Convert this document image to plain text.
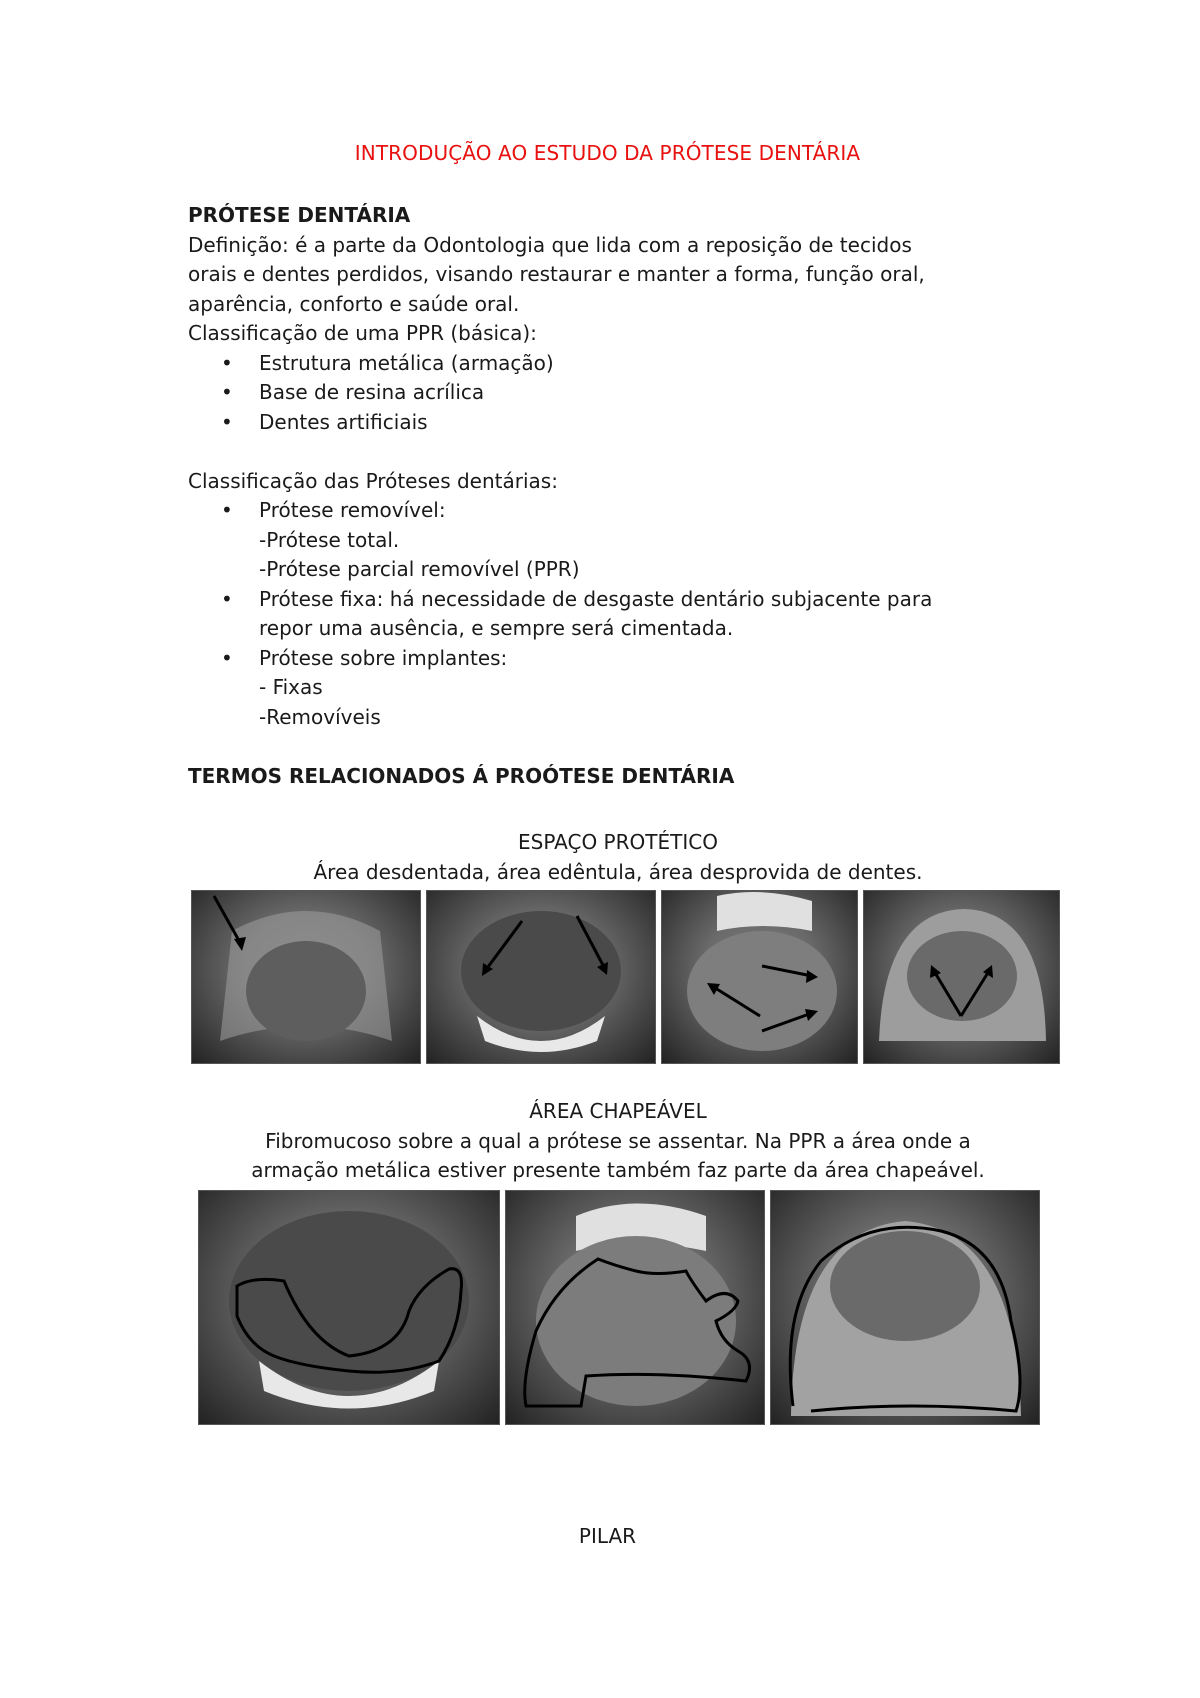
INTRODUÇÃO AO ESTUDO DA PRÓTESE DENTÁRIA

PRÓTESE DENTÁRIA

Definição: é a parte da Odontologia que lida com a reposição de tecidos

orais e dentes perdidos, visando restaurar e manter a forma, função oral,

aparência, conforto e saúde oral.

Classificação de uma PPR (básica):

• Estrutura metálica (armação)
• Base de resina acrílica
• Dentes artificiais

Classificação das Próteses dentárias:

• Prótese removível:
-Prótese total.
-Prótese parcial removível (PPR)
• Prótese fixa: há necessidade de desgaste dentário subjacente para
repor uma ausência, e sempre será cimentada.
• Prótese sobre implantes:
- Fixas
-Removíveis

TERMOS RELACIONADOS Á PROÓTESE DENTÁRIA

ESPAÇO PROTÉTICO

Área desdentada, área edêntula, área desprovida de dentes.

ÁREA CHAPEÁVEL

Fibromucoso sobre a qual a prótese se assentar. Na PPR a área onde a

armação metálica estiver presente também faz parte da área chapeável.

PILAR
